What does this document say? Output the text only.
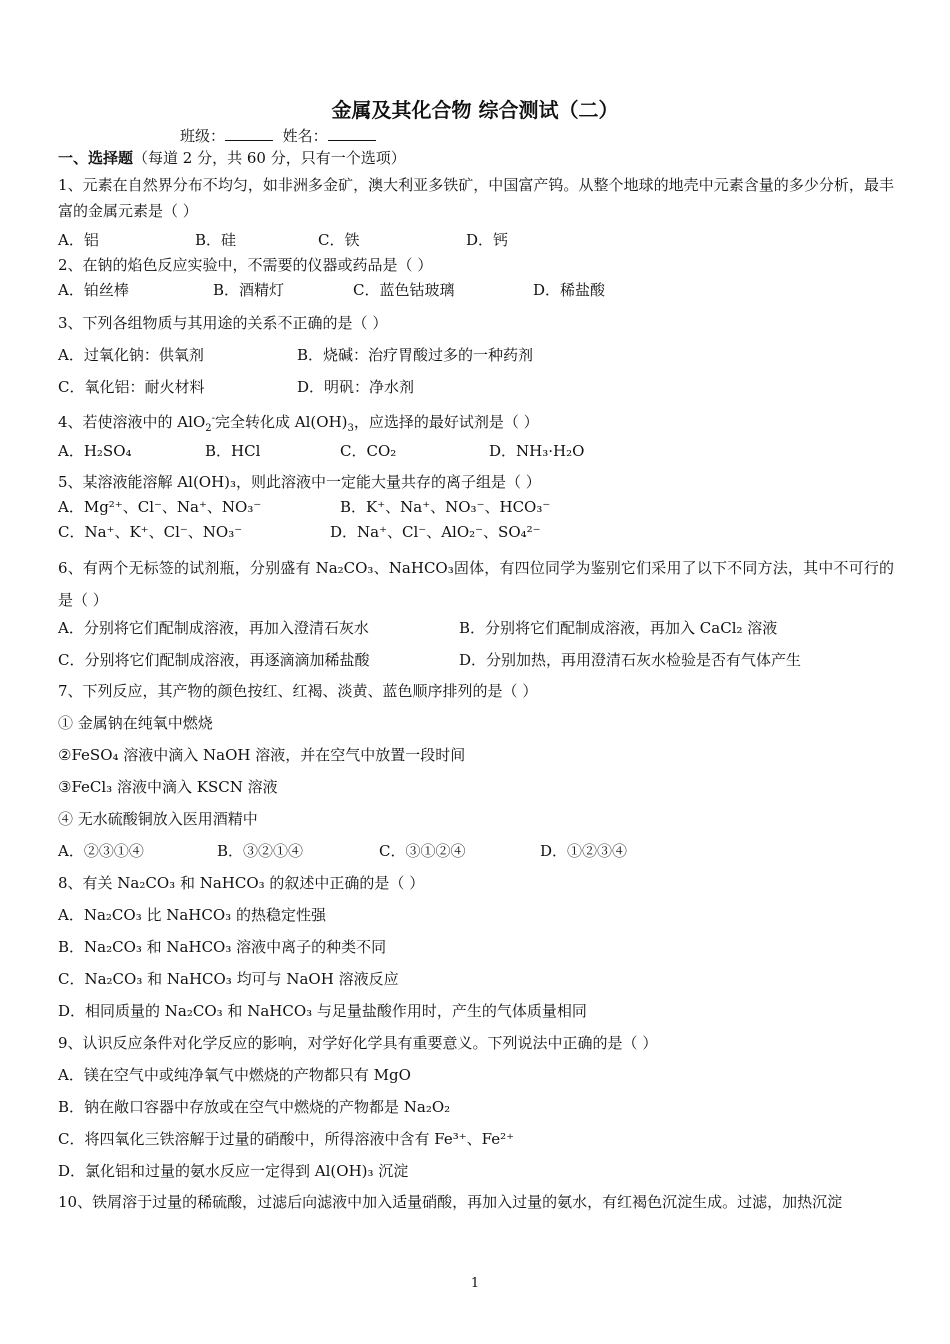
金属及其化合物 综合测试（二）
班级：	姓名：
一、选择题（每道 2 分，共 60 分，只有一个选项）
1、元素在自然界分布不均匀，如非洲多金矿，澳大利亚多铁矿，中国富产钨。从整个地球的地壳中元素含量的多少分析，最丰富的金属元素是（ ）
A．铝	B．硅	C．铁	D．钙
2、在钠的焰色反应实验中，不需要的仪器或药品是（ ）
A．铂丝棒	B．酒精灯	C．蓝色钴玻璃	D．稀盐酸
3、下列各组物质与其用途的关系不正确的是（ ）
A．过氧化钠：供氧剂	B．烧碱：治疗胃酸过多的一种药剂
C．氧化铝：耐火材料	D．明矾：净水剂
4、若使溶液中的 AlO$_2$-完全转化成 $Al(OH)_3$，应选择的最好试剂是（ ）
A．H₂SO₄	B．HCl	C．CO₂	D．NH₃·H₂O
5、某溶液能溶解 Al(OH)₃，则此溶液中一定能大量共存的离子组是（ ）
A．Mg²⁺、Cl⁻、Na⁺、NO₃⁻	B．K⁺、Na⁺、NO₃⁻、HCO₃⁻
C．Na⁺、K⁺、Cl⁻、NO₃⁻	D．Na⁺、Cl⁻、AlO₂⁻、SO₄²⁻
6、有两个无标签的试剂瓶，分别盛有 Na₂CO₃、NaHCO₃固体，有四位同学为鉴别它们采用了以下不同方法，其中不可行的是（ ）
A．分别将它们配制成溶液，再加入澄清石灰水	B．分别将它们配制成溶液，再加入 CaCl₂ 溶液
C．分别将它们配制成溶液，再逐滴滴加稀盐酸	D．分别加热，再用澄清石灰水检验是否有气体产生
7、下列反应，其产物的颜色按红、红褐、淡黄、蓝色顺序排列的是（ ）
① 金属钠在纯氧中燃烧
②FeSO₄ 溶液中滴入 NaOH 溶液，并在空气中放置一段时间
③FeCl₃ 溶液中滴入 KSCN 溶液
④ 无水硫酸铜放入医用酒精中
A．②③①④	B．③②①④	C．③①②④	D．①②③④
8、有关 Na₂CO₃ 和 NaHCO₃ 的叙述中正确的是（ ）
A．Na₂CO₃ 比 NaHCO₃ 的热稳定性强
B．Na₂CO₃ 和 NaHCO₃ 溶液中离子的种类不同
C．Na₂CO₃ 和 NaHCO₃ 均可与 NaOH 溶液反应
D．相同质量的 Na₂CO₃ 和 NaHCO₃ 与足量盐酸作用时，产生的气体质量相同
9、认识反应条件对化学反应的影响，对学好化学具有重要意义。下列说法中正确的是（ ）
A．镁在空气中或纯净氧气中燃烧的产物都只有 MgO
B．钠在敞口容器中存放或在空气中燃烧的产物都是 Na₂O₂
C．将四氧化三铁溶解于过量的硝酸中，所得溶液中含有 Fe³⁺、Fe²⁺
D．氯化铝和过量的氨水反应一定得到 Al(OH)₃ 沉淀
10、铁屑溶于过量的稀硫酸，过滤后向滤液中加入适量硝酸，再加入过量的氨水，有红褐色沉淀生成。过滤，加热沉淀
1
